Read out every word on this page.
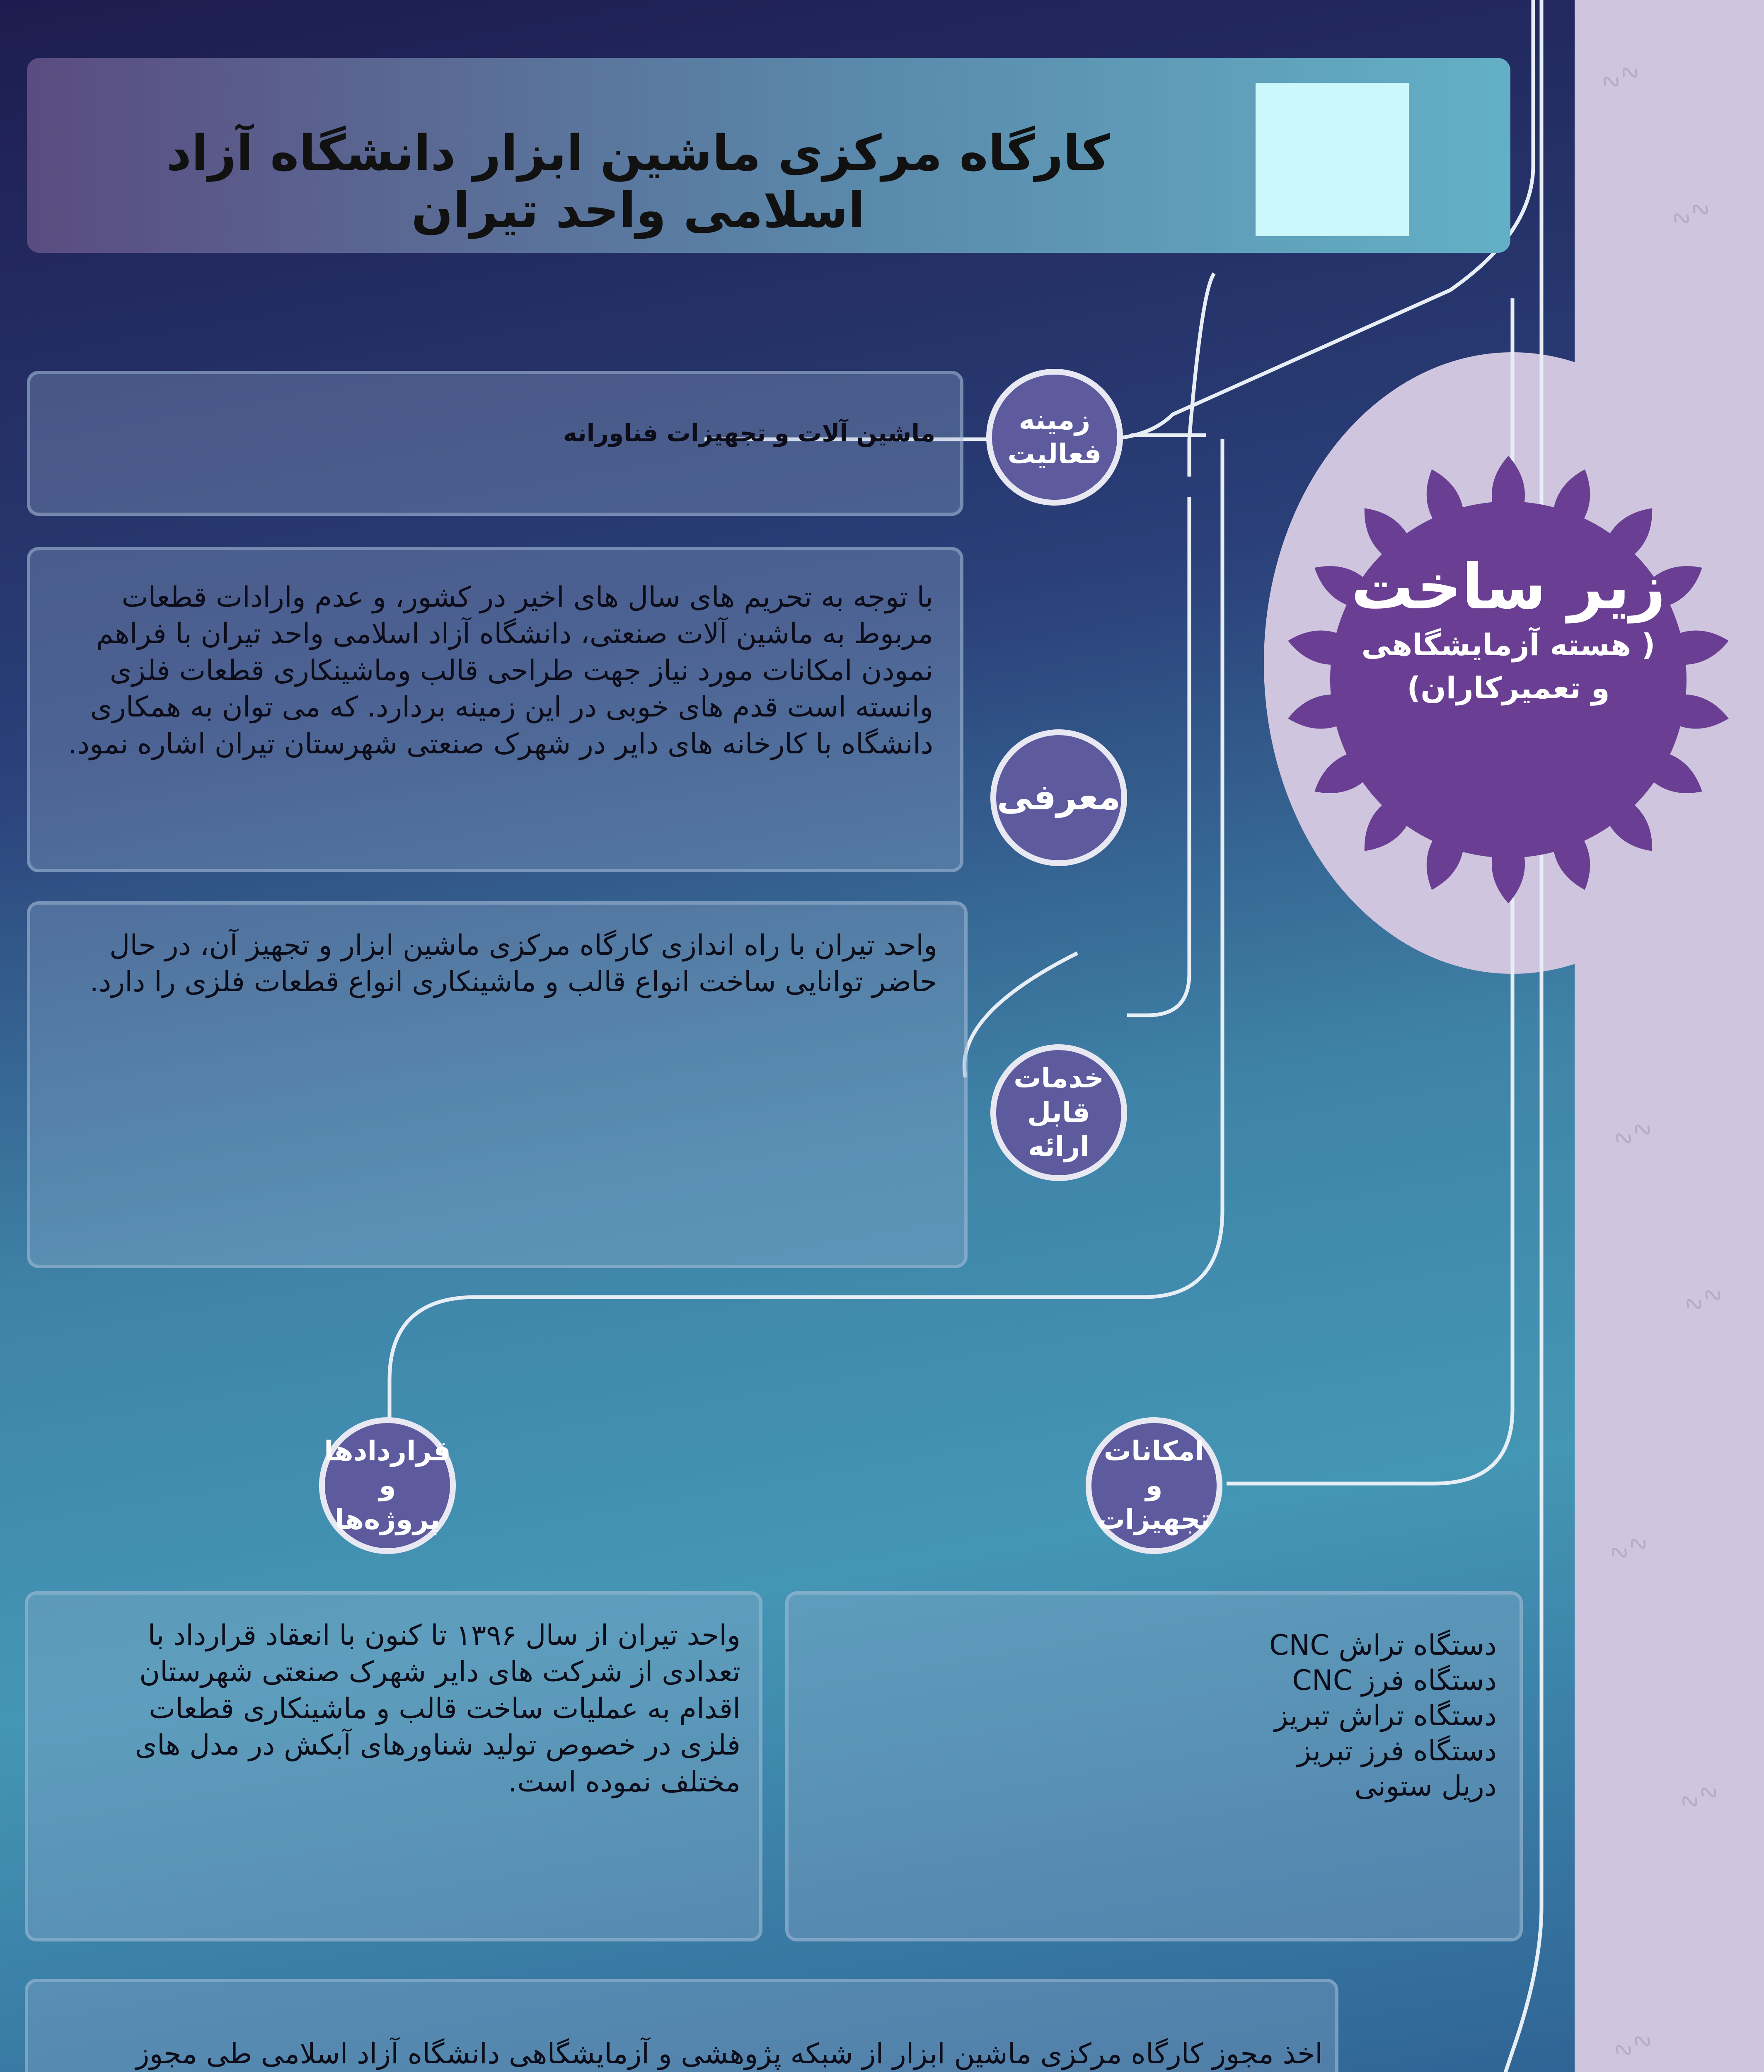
∿∿
∿∿
∿∿
∿∿
∿∿
∿∿
∿∿
کارگاه مرکزی ماشین ابزار دانشگاه آزاد اسلامی واحد تیران
زیر ساخت
( هسته آزمایشگاهی
و تعمیرکاران)
ماشین آلات و تجهیزات فناورانه	زمینه
فعالیت
با توجه به تحریم های سال های اخیر در کشور، و عدم وارادات قطعات مربوط به ماشین آلات صنعتی، دانشگاه آزاد اسلامی واحد تیران با فراهم نمودن امکانات مورد نیاز جهت طراحی قالب وماشینکاری قطعات فلزی وانسته است قدم های خوبی در این زمینه بردارد. که می توان به همکاری دانشگاه با کارخانه های دایر در شهرک صنعتی شهرستان تیران اشاره نمود.
معرفی
واحد تیران با راه اندازی کارگاه مرکزی ماشین ابزار و تجهیز آن، در حال حاضر توانایی ساخت انواع قالب و ماشینکاری انواع قطعات فلزی را دارد.
خدمات
قابل ارائه
قراردادها و
پروژه‌ها
واحد تیران از سال ۱۳۹۶ تا کنون با انعقاد قرارداد با تعدادی از شرکت های دایر شهرک صنعتی شهرستان اقدام به عملیات ساخت قالب و ماشینکاری قطعات فلزی در خصوص تولید شناورهای آبکش در مدل های مختلف نموده است.
امکانات و
تجهیزات
دستگاه تراش CNC
دستگاه فرز CNC
دستگاه تراش تبریز
دستگاه فرز تبریز
دریل ستونی
اخذ مجوز کارگاه مرکزی ماشین ابزار از شبکه پژوهشی و آزمایشگاهی دانشگاه آزاد اسلامی طی مجوز
